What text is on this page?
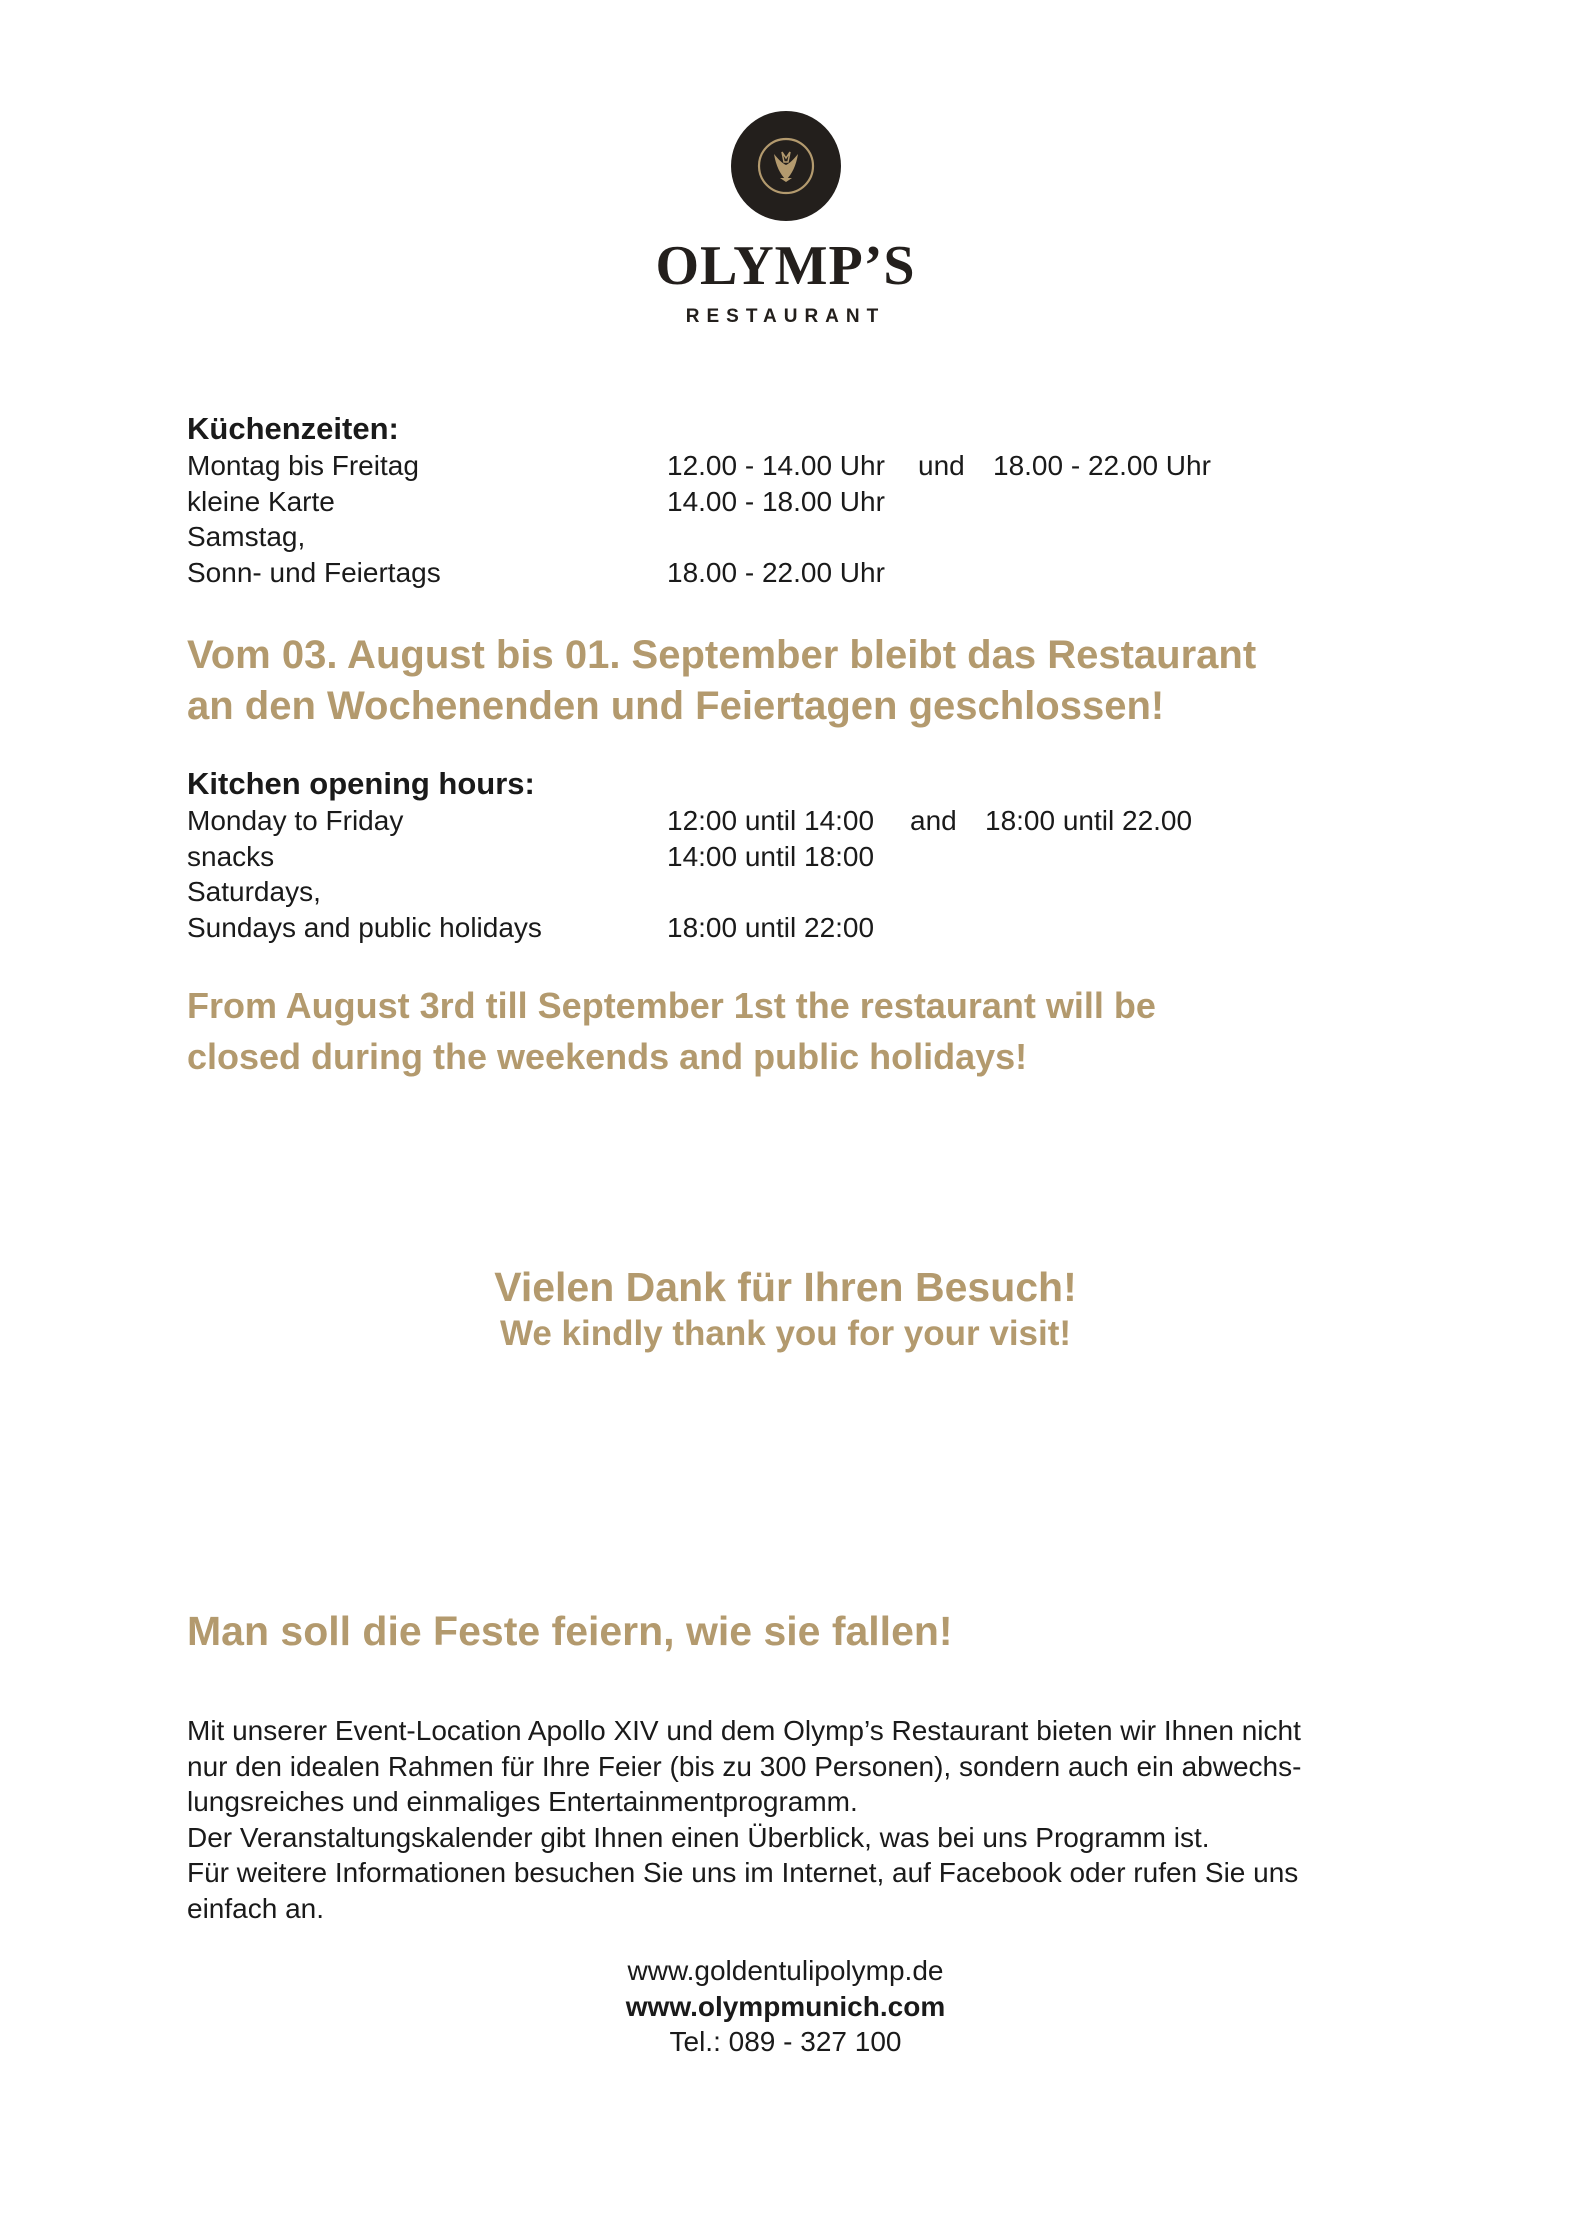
OLYMP’S
RESTAURANT
Küchenzeiten:
Montag bis Freitag	12.00 - 14.00 Uhr und 18.00 - 22.00 Uhr
kleine Karte	14.00 - 18.00 Uhr
Samstag,
Sonn- und Feiertags	18.00 - 22.00 Uhr
Vom 03. August bis 01. September bleibt das Restaurant
an den Wochenenden und Feiertagen geschlossen!
Kitchen opening hours:
Monday to Friday	12:00 until 14:00 and 18:00 until 22.00
snacks	14:00 until 18:00
Saturdays,
Sundays and public holidays	18:00 until 22:00
From August 3rd till September 1st the restaurant will be
closed during the weekends and public holidays!
Vielen Dank für Ihren Besuch!
We kindly thank you for your visit!
Man soll die Feste feiern, wie sie fallen!

Mit unserer Event-Location Apollo XIV und dem Olymp’s Restaurant bieten wir Ihnen nicht

nur den idealen Rahmen für Ihre Feier (bis zu 300 Personen), sondern auch ein abwechs-

lungsreiches und einmaliges Entertainmentprogramm.

Der Veranstaltungskalender gibt Ihnen einen Überblick, was bei uns Programm ist.

Für weitere Informationen besuchen Sie uns im Internet, auf Facebook oder rufen Sie uns

einfach an.

www.goldentulipolymp.de
www.olympmunich.com
Tel.: 089 - 327 100
